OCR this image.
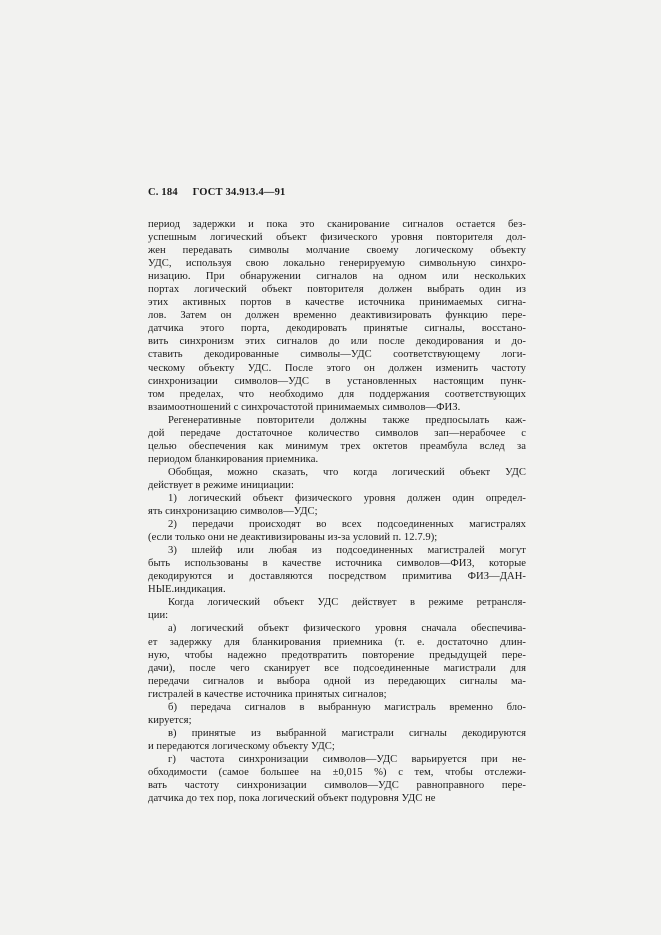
С. 184 ГОСТ 34.913.4—91
период задержки и пока это сканирование сигналов остается без-
успешным логический объект физического уровня повторителя дол-
жен передавать символы молчание своему логическому объекту
УДС, используя свою локально генерируемую символьную синхро-
низацию. При обнаружении сигналов на одном или нескольких
портах логический объект повторителя должен выбрать один из
этих активных портов в качестве источника принимаемых сигна-
лов. Затем он должен временно деактивизировать функцию пере-
датчика этого порта, декодировать принятые сигналы, восстано-
вить синхронизм этих сигналов до или после декодирования и до-
ставить декодированные символы—УДС соответствующему логи-
ческому объекту УДС. После этого он должен изменить частоту
синхронизации символов—УДС в установленных настоящим пунк-
том пределах, что необходимо для поддержания соответствующих
взаимоотношений с синхрочастотой принимаемых символов—ФИЗ.
Регенеративные повторители должны также предпосылать каж-
дой передаче достаточное количество символов зап—нерабочее с
целью обеспечения как минимум трех октетов преамбула вслед за
периодом бланкирования приемника.
Обобщая, можно сказать, что когда логический объект УДС
действует в режиме инициации:
1) логический объект физического уровня должен один определ-
ять синхронизацию символов—УДС;
2) передачи происходят во всех подсоединенных магистралях
(если только они не деактивизированы из-за условий п. 12.7.9);
3) шлейф или любая из подсоединенных магистралей могут
быть использованы в качестве источника символов—ФИЗ, которые
декодируются и доставляются посредством примитива ФИЗ—ДАН-
НЫЕ.индикация.
Когда логический объект УДС действует в режиме ретрансля-
ции:
а) логический объект физического уровня сначала обеспечива-
ет задержку для бланкирования приемника (т. е. достаточно длин-
ную, чтобы надежно предотвратить повторение предыдущей пере-
дачи), после чего сканирует все подсоединенные магистрали для
передачи сигналов и выбора одной из передающих сигналы ма-
гистралей в качестве источника принятых сигналов;
б) передача сигналов в выбранную магистраль временно бло-
кируется;
в) принятые из выбранной магистрали сигналы декодируются
и передаются логическому объекту УДС;
г) частота синхронизации символов—УДС варьируется при не-
обходимости (самое большее на ±0,015 %) с тем, чтобы отслежи-
вать частоту синхронизации символов—УДС равноправного пере-
датчика до тех пор, пока логический объект подуровня УДС не
